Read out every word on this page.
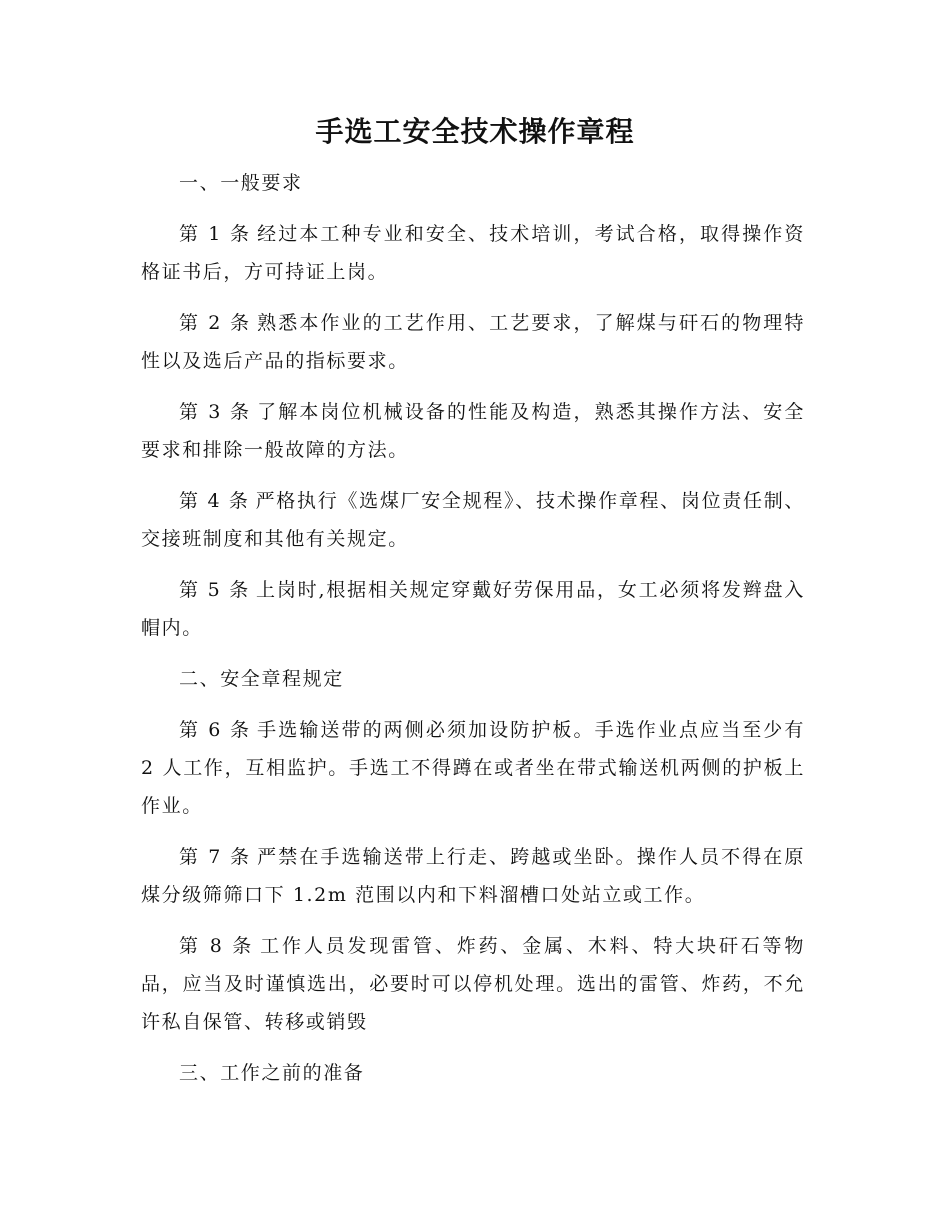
手选工安全技术操作章程

一、一般要求

第 1 条 经过本工种专业和安全、技术培训，考试合格，取得操作资格证书后，方可持证上岗。

第 2 条 熟悉本作业的工艺作用、工艺要求，了解煤与矸石的物理特性以及选后产品的指标要求。

第 3 条 了解本岗位机械设备的性能及构造，熟悉其操作方法、安全要求和排除一般故障的方法。

第 4 条 严格执行《选煤厂安全规程》、技术操作章程、岗位责任制、交接班制度和其他有关规定。

第 5 条 上岗时,根据相关规定穿戴好劳保用品，女工必须将发辫盘入帽内。

二、安全章程规定

第 6 条 手选输送带的两侧必须加设防护板。手选作业点应当至少有 2 人工作，互相监护。手选工不得蹲在或者坐在带式输送机两侧的护板上作业。

第 7 条 严禁在手选输送带上行走、跨越或坐卧。操作人员不得在原煤分级筛筛口下 1.2m 范围以内和下料溜槽口处站立或工作。

第 8 条 工作人员发现雷管、炸药、金属、木料、特大块矸石等物品，应当及时谨慎选出，必要时可以停机处理。选出的雷管、炸药，不允许私自保管、转移或销毁

三、工作之前的准备
